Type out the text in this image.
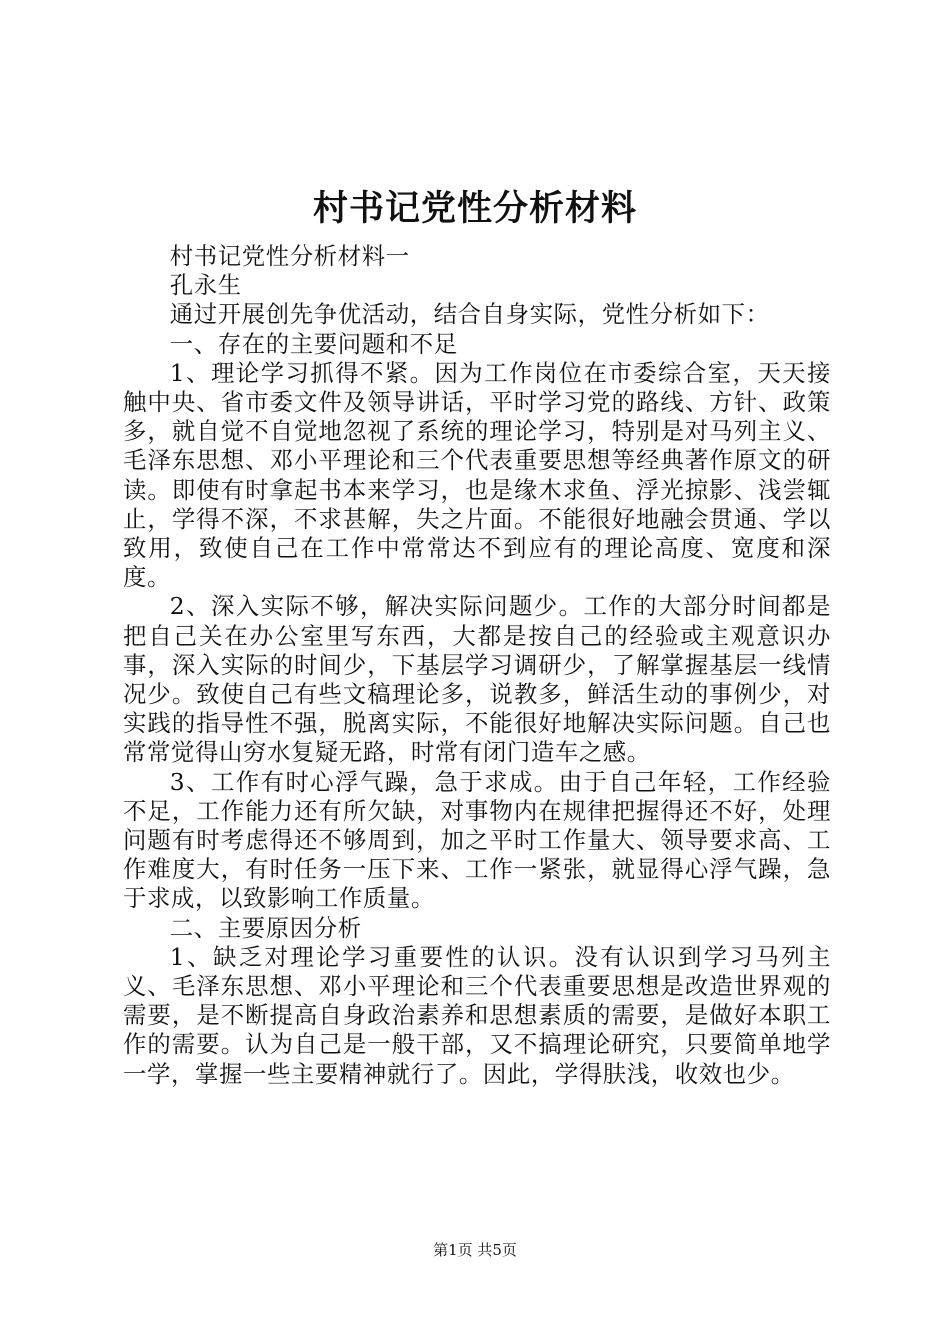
村书记党性分析材料

村书记党性分析材料一

孔永生

通过开展创先争优活动，结合自身实际，党性分析如下：

一、存在的主要问题和不足

1、理论学习抓得不紧。因为工作岗位在市委综合室，天天接触中央、省市委文件及领导讲话，平时学习党的路线、方针、政策多，就自觉不自觉地忽视了系统的理论学习，特别是对马列主义、毛泽东思想、邓小平理论和三个代表重要思想等经典著作原文的研读。即使有时拿起书本来学习，也是缘木求鱼、浮光掠影、浅尝辄止，学得不深，不求甚解，失之片面。不能很好地融会贯通、学以致用，致使自己在工作中常常达不到应有的理论高度、宽度和深度。

2、深入实际不够，解决实际问题少。工作的大部分时间都是把自己关在办公室里写东西，大都是按自己的经验或主观意识办事，深入实际的时间少，下基层学习调研少，了解掌握基层一线情况少。致使自己有些文稿理论多，说教多，鲜活生动的事例少，对实践的指导性不强，脱离实际，不能很好地解决实际问题。自己也常常觉得山穷水复疑无路，时常有闭门造车之感。

3、工作有时心浮气躁，急于求成。由于自己年轻，工作经验不足，工作能力还有所欠缺，对事物内在规律把握得还不好，处理问题有时考虑得还不够周到，加之平时工作量大、领导要求高、工作难度大，有时任务一压下来、工作一紧张，就显得心浮气躁，急于求成，以致影响工作质量。

二、主要原因分析

1、缺乏对理论学习重要性的认识。没有认识到学习马列主义、毛泽东思想、邓小平理论和三个代表重要思想是改造世界观的需要，是不断提高自身政治素养和思想素质的需要，是做好本职工作的需要。认为自己是一般干部，又不搞理论研究，只要简单地学一学，掌握一些主要精神就行了。因此，学得肤浅，收效也少。

第1页 共5页
